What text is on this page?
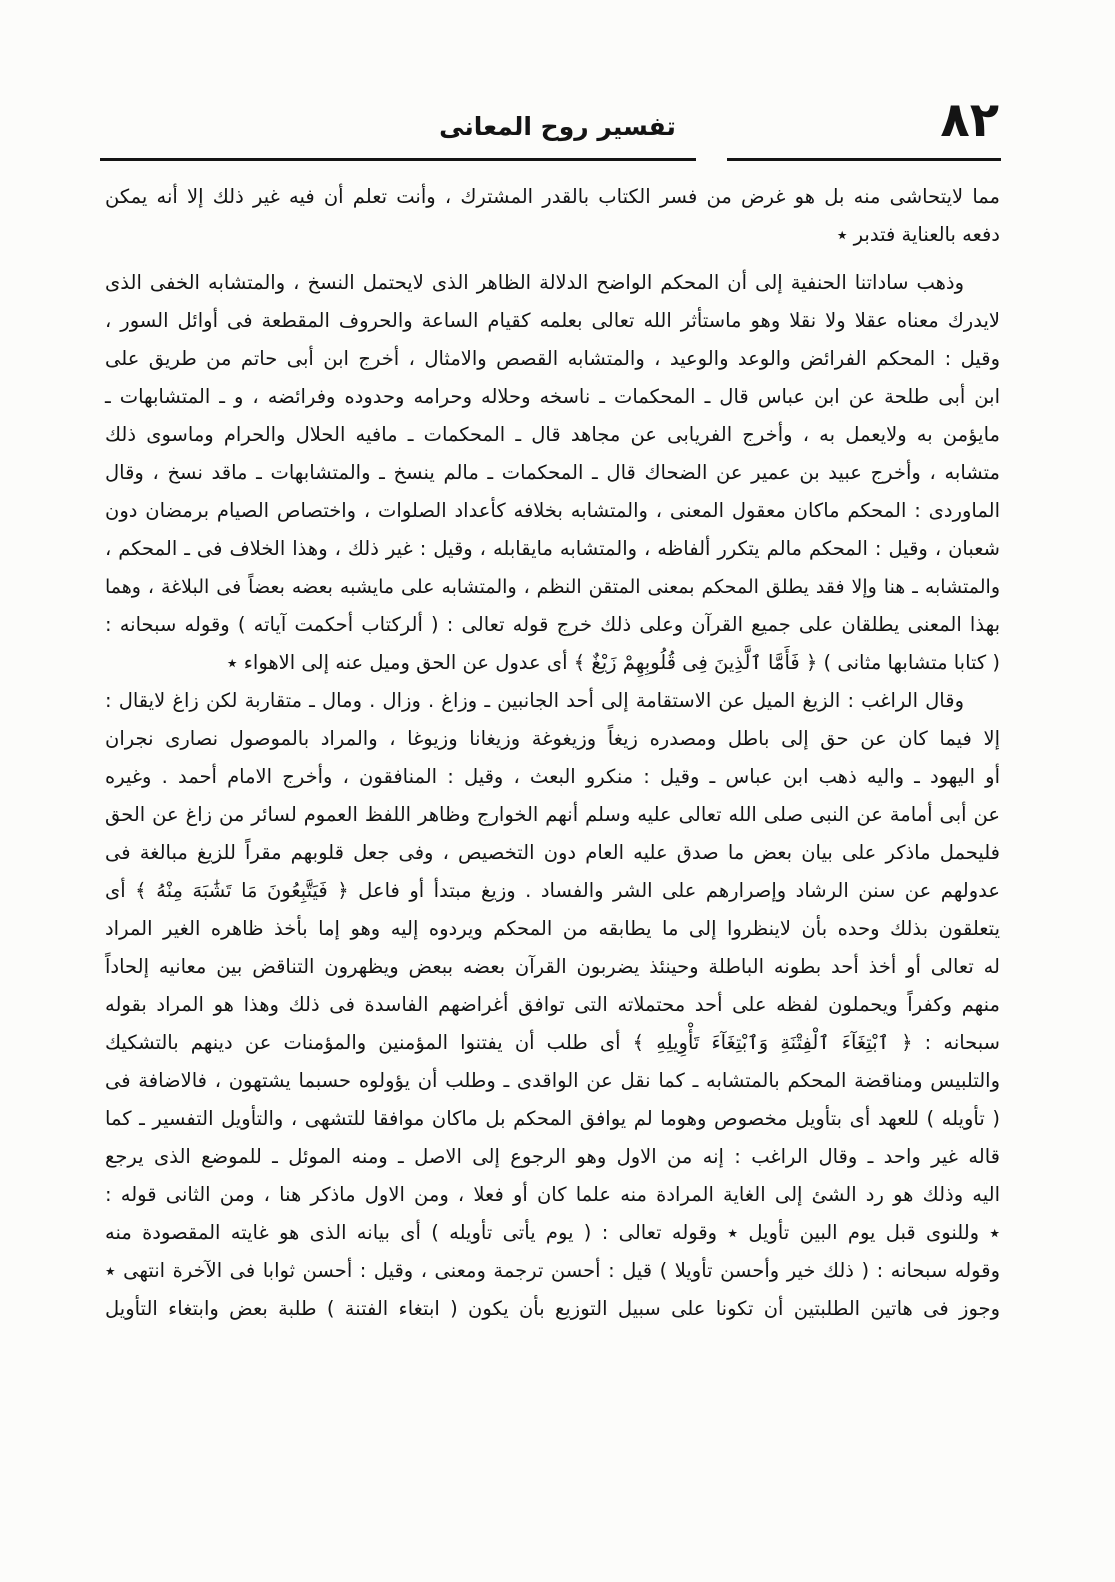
٨٢
تفسير روح المعانى
مما لايتحاشى منه بل هو غرض من فسر الكتاب بالقدر المشترك ، وأنت تعلم أن فيه غير ذلك إلا أنه يمكن
دفعه بالعناية فتدبر ٭
وذهب ساداتنا الحنفية إلى أن المحكم الواضح الدلالة الظاهر الذى لايحتمل النسخ ، والمتشابه الخفى الذى
لايدرك معناه عقلا ولا نقلا وهو ماستأثر الله تعالى بعلمه كقيام الساعة والحروف المقطعة فى أوائل السور ،
وقيل : المحكم الفرائض والوعد والوعيد ، والمتشابه القصص والامثال ، أخرج ابن أبى حاتم من طريق على
ابن أبى طلحة عن ابن عباس قال ـ المحكمات ـ ناسخه وحلاله وحرامه وحدوده وفرائضه ، و ـ المتشابهات ـ
مايؤمن به ولايعمل به ، وأخرج الفريابى عن مجاهد قال ـ المحكمات ـ مافيه الحلال والحرام وماسوى ذلك
متشابه ، وأخرج عبيد بن عمير عن الضحاك قال ـ المحكمات ـ مالم ينسخ ـ والمتشابهات ـ ماقد نسخ ، وقال
الماوردى : المحكم ماكان معقول المعنى ، والمتشابه بخلافه كأعداد الصلوات ، واختصاص الصيام برمضان دون
شعبان ، وقيل : المحكم مالم يتكرر ألفاظه ، والمتشابه مايقابله ، وقيل : غير ذلك ، وهذا الخلاف فى ـ المحكم ،
والمتشابه ـ هنا وإلا فقد يطلق المحكم بمعنى المتقن النظم ، والمتشابه على مايشبه بعضه بعضاً فى البلاغة ، وهما
بهذا المعنى يطلقان على جميع القرآن وعلى ذلك خرج قوله تعالى : ( ألركتاب أحكمت آياته ) وقوله سبحانه :
( كتابا متشابها مثانى ) ﴿ فَأَمَّا ٱلَّذِينَ فِى قُلُوبِهِمْ زَيْغٌ ﴾ أى عدول عن الحق وميل عنه إلى الاهواء ٭
وقال الراغب : الزيغ الميل عن الاستقامة إلى أحد الجانبين ـ وزاغ . وزال . ومال ـ متقاربة لكن زاغ لايقال :
إلا فيما كان عن حق إلى باطل ومصدره زيغاً وزيغوغة وزيغانا وزيوغا ، والمراد بالموصول نصارى نجران
أو اليهود ـ واليه ذهب ابن عباس ـ وقيل : منكرو البعث ، وقيل : المنافقون ، وأخرج الامام أحمد . وغيره
عن أبى أمامة عن النبى صلى الله تعالى عليه وسلم أنهم الخوارج وظاهر اللفظ العموم لسائر من زاغ عن الحق
فليحمل ماذكر على بيان بعض ما صدق عليه العام دون التخصيص ، وفى جعل قلوبهم مقراً للزيغ مبالغة فى
عدولهم عن سنن الرشاد وإصرارهم على الشر والفساد . وزيغ مبتدأ أو فاعل ﴿ فَيَتَّبِعُونَ مَا تَشَٰبَهَ مِنْهُ ﴾ أى
يتعلقون بذلك وحده بأن لاينظروا إلى ما يطابقه من المحكم ويردوه إليه وهو إما بأخذ ظاهره الغير المراد
له تعالى أو أخذ أحد بطونه الباطلة وحينئذ يضربون القرآن بعضه ببعض ويظهرون التناقض بين معانيه إلحاداً
منهم وكفراً ويحملون لفظه على أحد محتملاته التى توافق أغراضهم الفاسدة فى ذلك وهذا هو المراد بقوله
سبحانه : ﴿ ٱبْتِغَآءَ ٱلْفِتْنَةِ وَٱبْتِغَآءَ تَأْوِيلِهِ ﴾ أى طلب أن يفتنوا المؤمنين والمؤمنات عن دينهم بالتشكيك
والتلبيس ومناقضة المحكم بالمتشابه ـ كما نقل عن الواقدى ـ وطلب أن يؤولوه حسبما يشتهون ، فالاضافة فى
( تأويله ) للعهد أى بتأويل مخصوص وهوما لم يوافق المحكم بل ماكان موافقا للتشهى ، والتأويل التفسير ـ كما
قاله غير واحد ـ وقال الراغب : إنه من الاول وهو الرجوع إلى الاصل ـ ومنه الموئل ـ للموضع الذى يرجع
اليه وذلك هو رد الشئ إلى الغاية المرادة منه علما كان أو فعلا ، ومن الاول ماذكر هنا ، ومن الثانى قوله :
٭ وللنوى قبل يوم البين تأويل ٭ وقوله تعالى : ( يوم يأتى تأويله ) أى بيانه الذى هو غايته المقصودة منه
وقوله سبحانه : ( ذلك خير وأحسن تأويلا ) قيل : أحسن ترجمة ومعنى ، وقيل : أحسن ثوابا فى الآخرة انتهى ٭
وجوز فى هاتين الطلبتين أن تكونا على سبيل التوزيع بأن يكون ( ابتغاء الفتنة ) طلبة بعض وابتغاء التأويل
